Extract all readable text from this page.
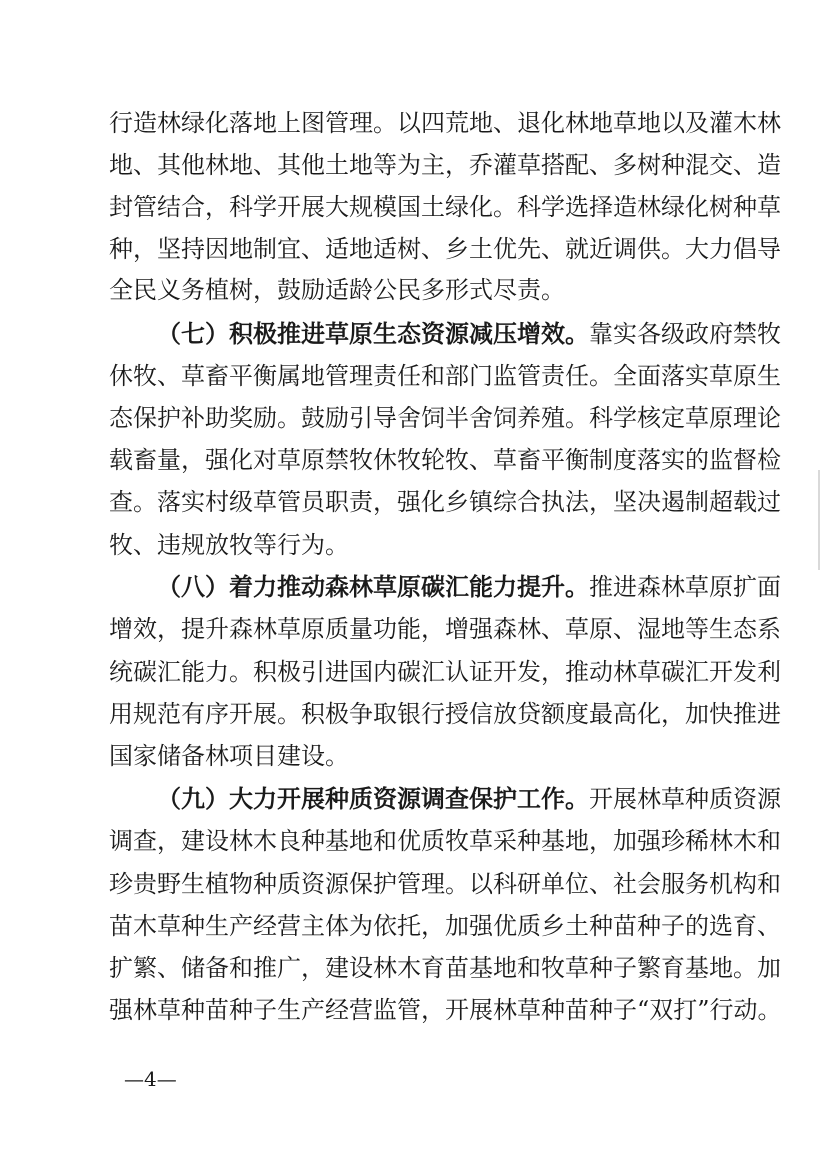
行造林绿化落地上图管理。以四荒地、退化林地草地以及灌木林
地、其他林地、其他土地等为主，乔灌草搭配、多树种混交、造
封管结合，科学开展大规模国土绿化。科学选择造林绿化树种草
种，坚持因地制宜、适地适树、乡土优先、就近调供。大力倡导
全民义务植树，鼓励适龄公民多形式尽责。
（七）积极推进草原生态资源减压增效。靠实各级政府禁牧
休牧、草畜平衡属地管理责任和部门监管责任。全面落实草原生
态保护补助奖励。鼓励引导舍饲半舍饲养殖。科学核定草原理论
载畜量，强化对草原禁牧休牧轮牧、草畜平衡制度落实的监督检
查。落实村级草管员职责，强化乡镇综合执法，坚决遏制超载过
牧、违规放牧等行为。
（八）着力推动森林草原碳汇能力提升。推进森林草原扩面
增效，提升森林草原质量功能，增强森林、草原、湿地等生态系
统碳汇能力。积极引进国内碳汇认证开发，推动林草碳汇开发利
用规范有序开展。积极争取银行授信放贷额度最高化，加快推进
国家储备林项目建设。
（九）大力开展种质资源调查保护工作。开展林草种质资源
调查，建设林木良种基地和优质牧草采种基地，加强珍稀林木和
珍贵野生植物种质资源保护管理。以科研单位、社会服务机构和
苗木草种生产经营主体为依托，加强优质乡土种苗种子的选育、
扩繁、储备和推广，建设林木育苗基地和牧草种子繁育基地。加
强林草种苗种子生产经营监管，开展林草种苗种子“双打”行动。
—4—
